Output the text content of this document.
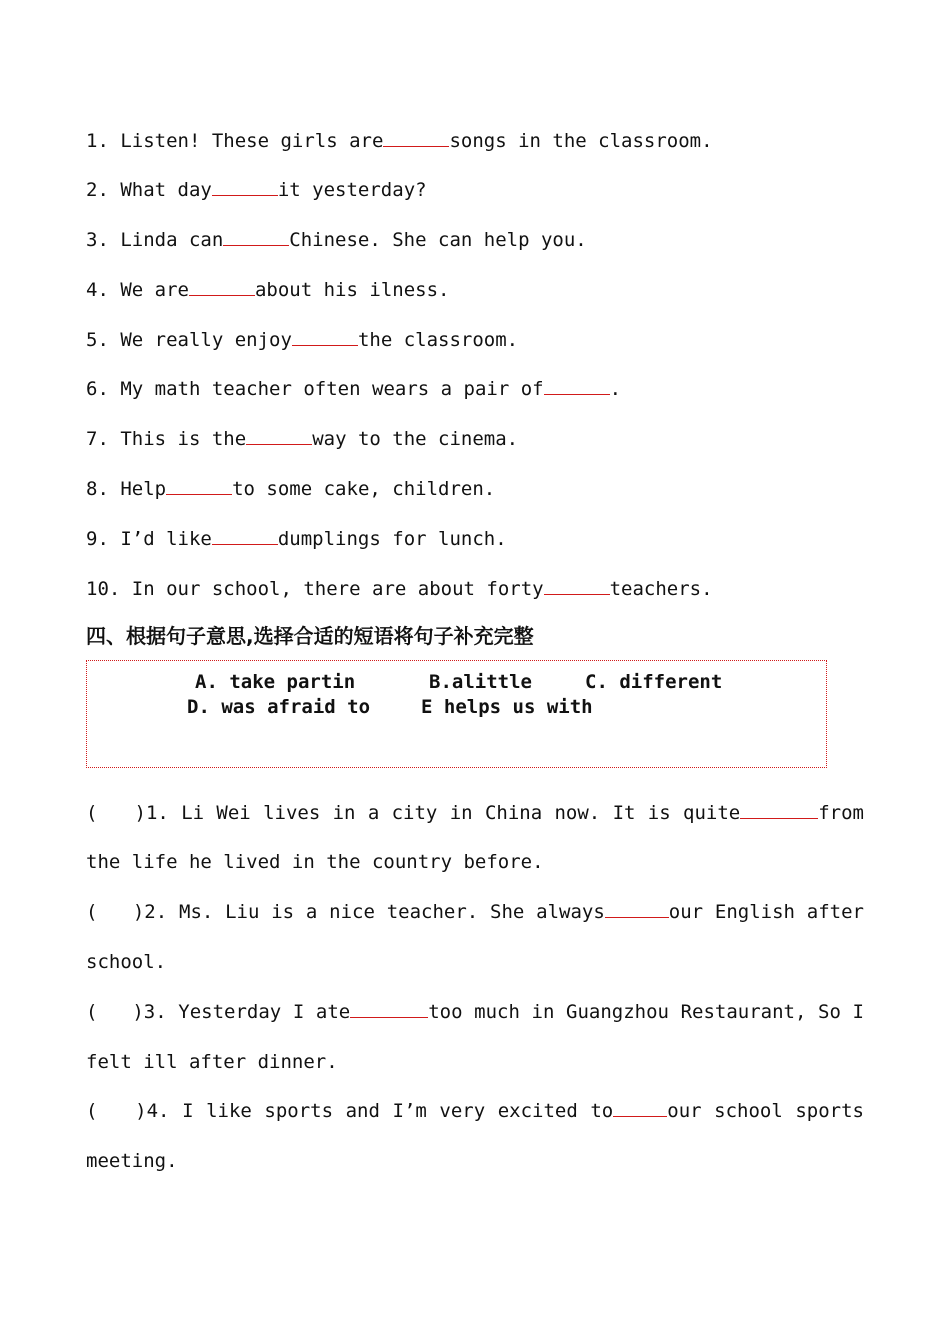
1. Listen! These girls are	songs in the classroom.
2. What day	it yesterday?
3. Linda can	Chinese. She can help you.
4. We are	about his ilness.
5. We really enjoy	the classroom.
6. My math teacher often wears a pair of	.
7. This is the	way to the cinema.
8. Help	to some cake, children.
9. I’d like	dumplings for lunch.
10. In our school, there are about forty	teachers.
四、根据句子意思,选择合适的短语将句子补充完整
A. take partin	B.alittle	C. different
D. was afraid to	E helps us with
( )1. Li Wei lives in a city in China now. It is quite	from
the life he lived in the country before.
( )2. Ms. Liu is a nice teacher. She always	our English after
school.
( )3. Yesterday I ate	too much in Guangzhou Restaurant, So I
felt ill after dinner.
( )4. I like sports and I’m very excited to	our school sports
meeting.
